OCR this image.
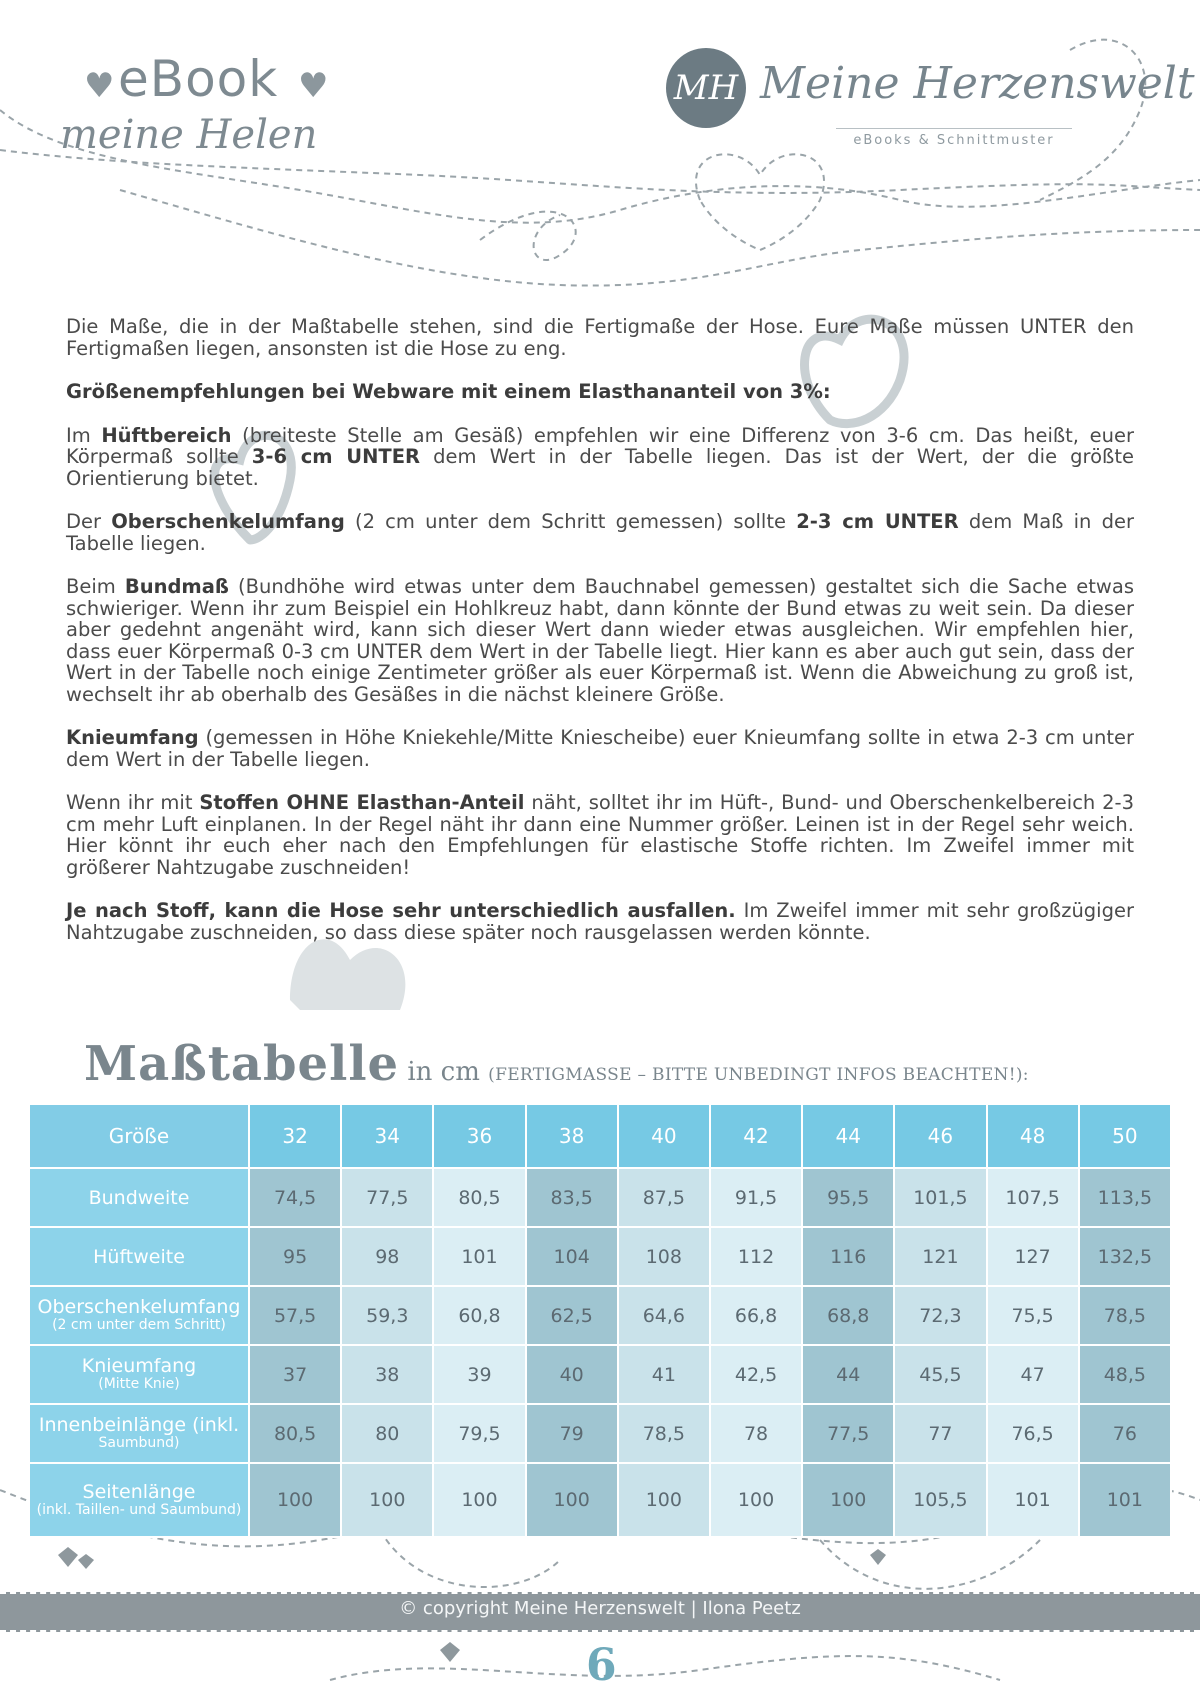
♥ eBook ♥
meine Helen
MH Meine Herzenswelt
eBooks & Schnittmuster

Die Maße, die in der Maßtabelle stehen, sind die Fertigmaße der Hose. Eure Maße müssen UNTER den Fertigmaßen liegen, ansonsten ist die Hose zu eng.

Größenempfehlungen bei Webware mit einem Elasthananteil von 3%:

Im Hüftbereich (breiteste Stelle am Gesäß) empfehlen wir eine Differenz von 3-6 cm. Das heißt, euer Körpermaß sollte 3-6 cm UNTER dem Wert in der Tabelle liegen. Das ist der Wert, der die größte Orientierung bietet.

Der Oberschenkelumfang (2 cm unter dem Schritt gemessen) sollte 2-3 cm UNTER dem Maß in der Tabelle liegen.

Beim Bundmaß (Bundhöhe wird etwas unter dem Bauchnabel gemessen) gestaltet sich die Sache etwas schwieriger. Wenn ihr zum Beispiel ein Hohlkreuz habt, dann könnte der Bund etwas zu weit sein. Da dieser aber gedehnt angenäht wird, kann sich dieser Wert dann wieder etwas ausgleichen. Wir empfehlen hier, dass euer Körpermaß 0-3 cm UNTER dem Wert in der Tabelle liegt. Hier kann es aber auch gut sein, dass der Wert in der Tabelle noch einige Zentimeter größer als euer Körpermaß ist. Wenn die Abweichung zu groß ist, wechselt ihr ab oberhalb des Gesäßes in die nächst kleinere Größe.

Knieumfang (gemessen in Höhe Kniekehle/Mitte Kniescheibe) euer Knieumfang sollte in etwa 2-3 cm unter dem Wert in der Tabelle liegen.

Wenn ihr mit Stoffen OHNE Elasthan-Anteil näht, solltet ihr im Hüft-, Bund- und Oberschenkelbereich 2-3 cm mehr Luft einplanen. In der Regel näht ihr dann eine Nummer größer. Leinen ist in der Regel sehr weich. Hier könnt ihr euch eher nach den Empfehlungen für elastische Stoffe richten. Im Zweifel immer mit größerer Nahtzugabe zuschneiden!

Je nach Stoff, kann die Hose sehr unterschiedlich ausfallen. Im Zweifel immer mit sehr großzügiger Nahtzugabe zuschneiden, so dass diese später noch rausgelassen werden könnte.

Maßtabelle in cm (FERTIGMASSE – BITTE UNBEDINGT INFOS BEACHTEN!):
Größe	32	34	36	38	40	42	44	46	48	50
Bundweite	74,5	77,5	80,5	83,5	87,5	91,5	95,5	101,5	107,5	113,5
Hüftweite	95	98	101	104	108	112	116	121	127	132,5
Oberschenkelumfang
(2 cm unter dem Schritt)	57,5	59,3	60,8	62,5	64,6	66,8	68,8	72,3	75,5	78,5
Knieumfang
(Mitte Knie)	37	38	39	40	41	42,5	44	45,5	47	48,5
Innenbeinlänge (inkl.
Saumbund)	80,5	80	79,5	79	78,5	78	77,5	77	76,5	76
Seitenlänge
(inkl. Taillen- und Saumbund)	100	100	100	100	100	100	100	105,5	101	101
© copyright Meine Herzenswelt | Ilona Peetz
6
